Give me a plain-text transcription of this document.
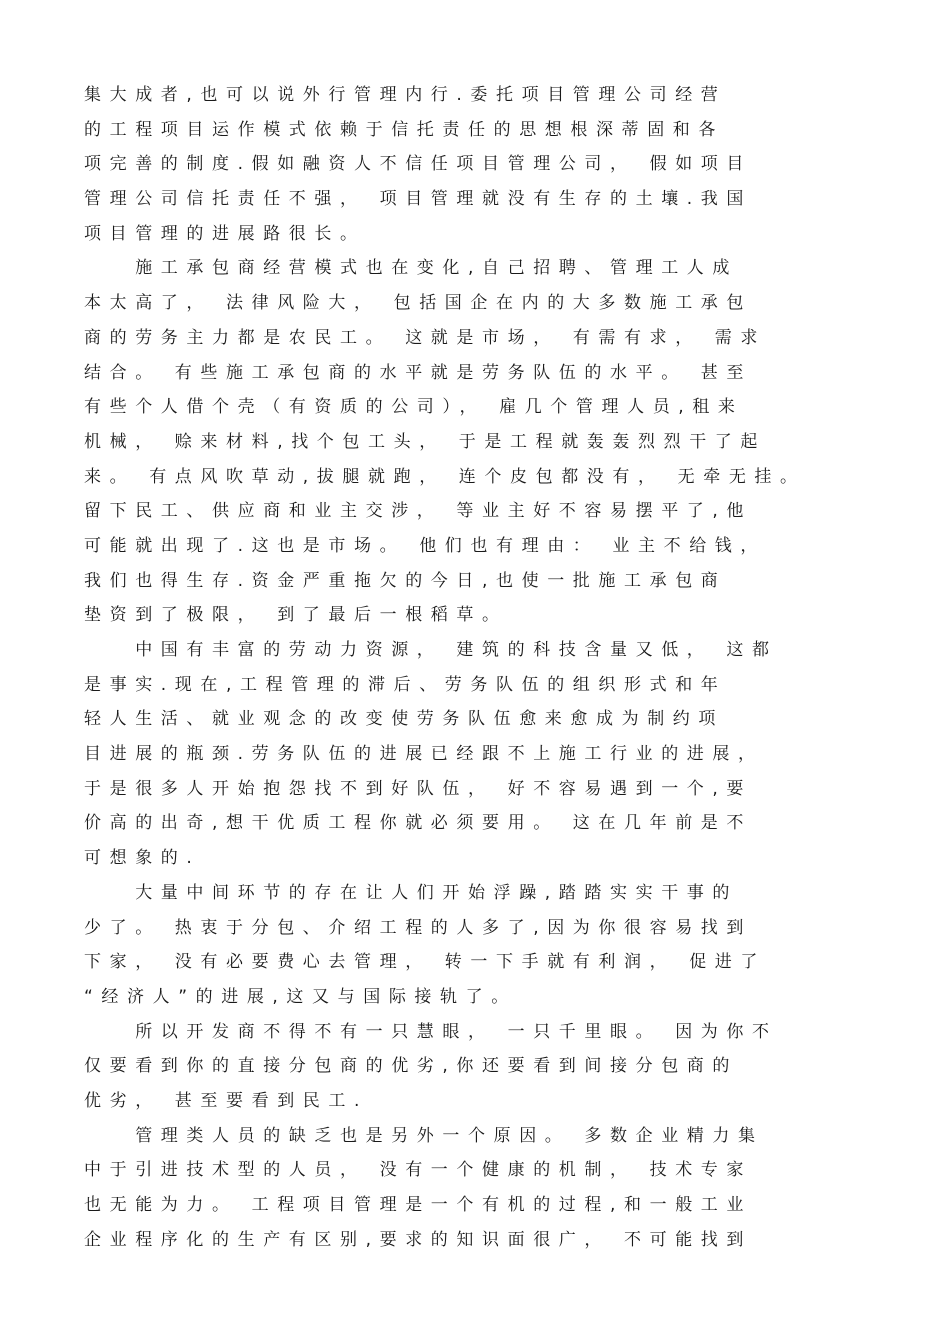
集大成者,也可以说外行管理内行.委托项目管理公司经营
的工程项目运作模式依赖于信托责任的思想根深蒂固和各
项完善的制度.假如融资人不信任项目管理公司， 假如项目
管理公司信托责任不强， 项目管理就没有生存的土壤.我国
项目管理的进展路很长。
　　施工承包商经营模式也在变化,自己招聘、管理工人成
本太高了， 法律风险大， 包括国企在内的大多数施工承包
商的劳务主力都是农民工。 这就是市场， 有需有求， 需求
结合。 有些施工承包商的水平就是劳务队伍的水平。 甚至
有些个人借个壳（有资质的公司）， 雇几个管理人员,租来
机械， 赊来材料,找个包工头， 于是工程就轰轰烈烈干了起
来。 有点风吹草动,拔腿就跑， 连个皮包都没有， 无牵无挂。
留下民工、供应商和业主交涉， 等业主好不容易摆平了,他
可能就出现了.这也是市场。 他们也有理由： 业主不给钱，
我们也得生存.资金严重拖欠的今日,也使一批施工承包商
垫资到了极限， 到了最后一根稻草。
　　中国有丰富的劳动力资源， 建筑的科技含量又低， 这都
是事实.现在,工程管理的滞后、劳务队伍的组织形式和年
轻人生活、就业观念的改变使劳务队伍愈来愈成为制约项
目进展的瓶颈.劳务队伍的进展已经跟不上施工行业的进展，
于是很多人开始抱怨找不到好队伍， 好不容易遇到一个,要
价高的出奇,想干优质工程你就必须要用。 这在几年前是不
可想象的.
　　大量中间环节的存在让人们开始浮躁,踏踏实实干事的
少了。 热衷于分包、介绍工程的人多了,因为你很容易找到
下家， 没有必要费心去管理， 转一下手就有利润， 促进了
“经济人”的进展,这又与国际接轨了。
　　所以开发商不得不有一只慧眼， 一只千里眼。 因为你不
仅要看到你的直接分包商的优劣,你还要看到间接分包商的
优劣， 甚至要看到民工.
　　管理类人员的缺乏也是另外一个原因。 多数企业精力集
中于引进技术型的人员， 没有一个健康的机制， 技术专家
也无能为力。 工程项目管理是一个有机的过程,和一般工业
企业程序化的生产有区别,要求的知识面很广， 不可能找到
